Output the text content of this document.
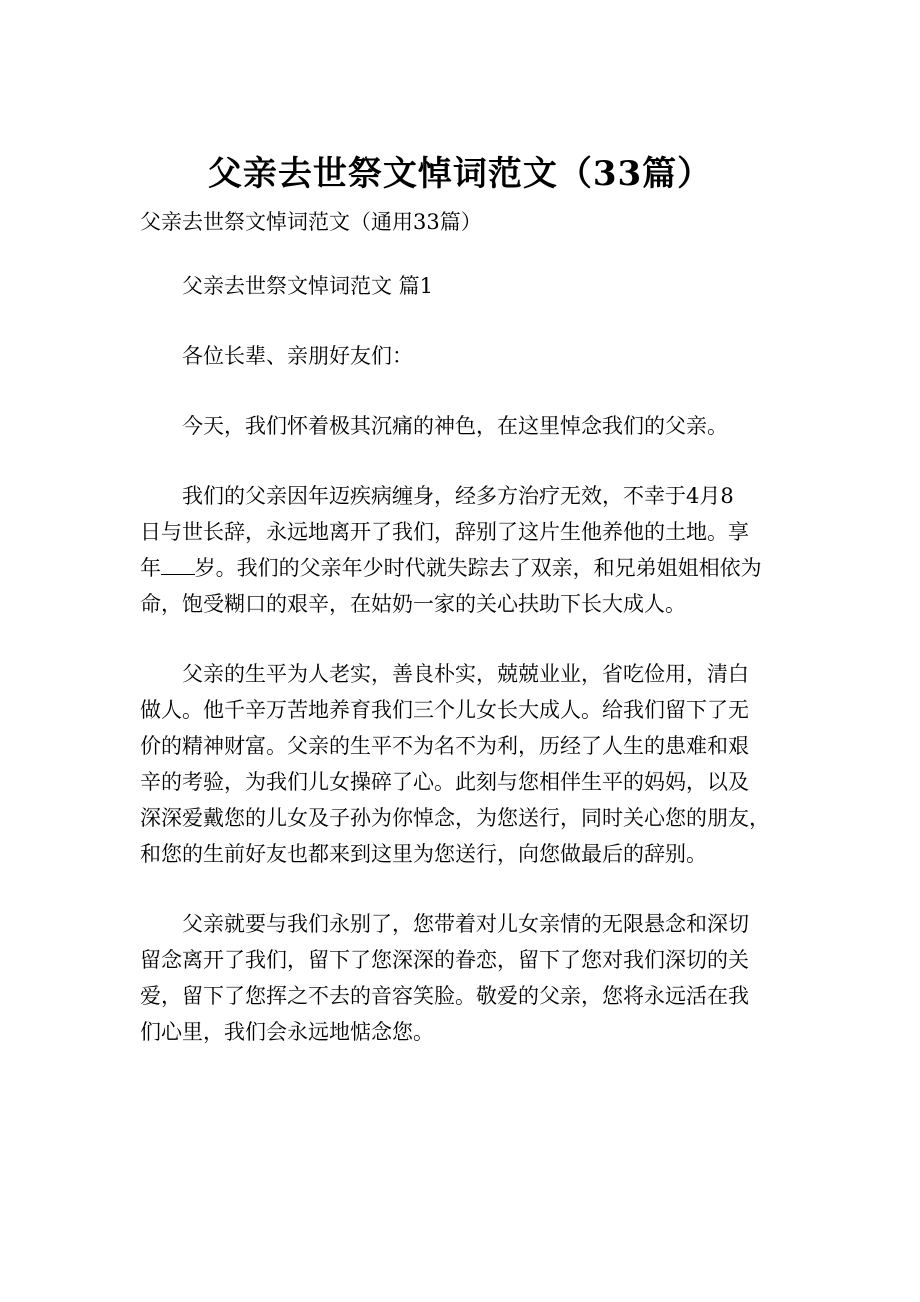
父亲去世祭文悼词范文（33篇）

父亲去世祭文悼词范文（通用33篇）

父亲去世祭文悼词范文 篇1

各位长辈、亲朋好友们：

今天，我们怀着极其沉痛的神色，在这里悼念我们的父亲。

我们的父亲因年迈疾病缠身，经多方治疗无效，不幸于4月8
日与世长辞，永远地离开了我们，辞别了这片生他养他的土地。享
年 岁。我们的父亲年少时代就失踪去了双亲，和兄弟姐姐相依为
命，饱受糊口的艰辛，在姑奶一家的关心扶助下长大成人。
父亲的生平为人老实，善良朴实，兢兢业业，省吃俭用，清白
做人。他千辛万苦地养育我们三个儿女长大成人。给我们留下了无
价的精神财富。父亲的生平不为名不为利，历经了人生的患难和艰
辛的考验，为我们儿女操碎了心。此刻与您相伴生平的妈妈，以及
深深爱戴您的儿女及子孙为你悼念，为您送行，同时关心您的朋友，
和您的生前好友也都来到这里为您送行，向您做最后的辞别。
父亲就要与我们永别了，您带着对儿女亲情的无限悬念和深切
留念离开了我们，留下了您深深的眷恋，留下了您对我们深切的关
爱，留下了您挥之不去的音容笑脸。敬爱的父亲，您将永远活在我
们心里，我们会永远地惦念您。
